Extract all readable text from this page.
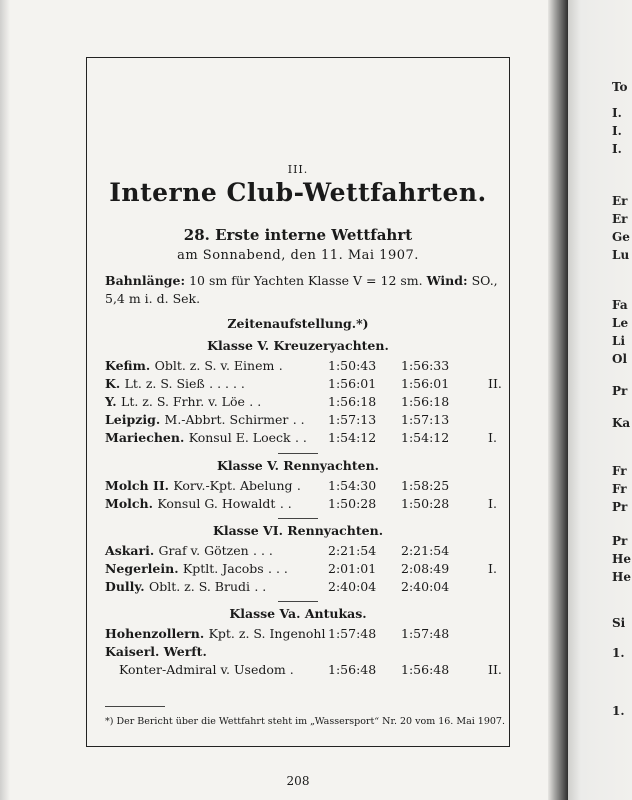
III.
Interne Club-Wettfahrten.
28. Erste interne Wettfahrt
am Sonnabend, den 11. Mai 1907.
Bahnlänge: 10 sm für Yachten Klasse V = 12 sm. Wind: SO., 5,4 m i. d. Sek.
Zeitenaufstellung.*)
Klasse V. Kreuzeryachten.
Kefim. Oblt. z. S. v. Einem .	1:50:43 1:56:33
K. Lt. z. S. Sieß . . . . .	1:56:01 1:56:01	II.
Y. Lt. z. S. Frhr. v. Löe . .	1:56:18 1:56:18
Leipzig. M.-Abbrt. Schirmer . . 1:57:13 1:57:13
Mariechen. Konsul E. Loeck . . 1:54:12 1:54:12	I.
Klasse V. Rennyachten.
Molch II. Korv.-Kpt. Abelung . 1:54:30 1:58:25
Molch. Konsul G. Howaldt . .	1:50:28 1:50:28	I.
Klasse VI. Rennyachten.
Askari. Graf v. Götzen . . .	2:21:54 2:21:54
Negerlein. Kptlt. Jacobs . . .	2:01:01 2:08:49	I.
Dully. Oblt. z. S. Brudi . .	2:40:04 2:40:04
Klasse Va. Antukas.
Hohenzollern. Kpt. z. S. Ingenohl 1:57:48 1:57:48
Kaiserl. Werft.
Konter-Admiral v. Usedom .	1:56:48 1:56:48	II.
*) Der Bericht über die Wettfahrt steht im „Wassersport“ Nr. 20 vom 16. Mai 1907.
208
To
I.
I.
I.
Er
Er
Ge
Lu
Fa
Le
Li
Ol
Pr
Ka
Fr
Fr
Pr
Pr
He
He
Si
1.
1.
